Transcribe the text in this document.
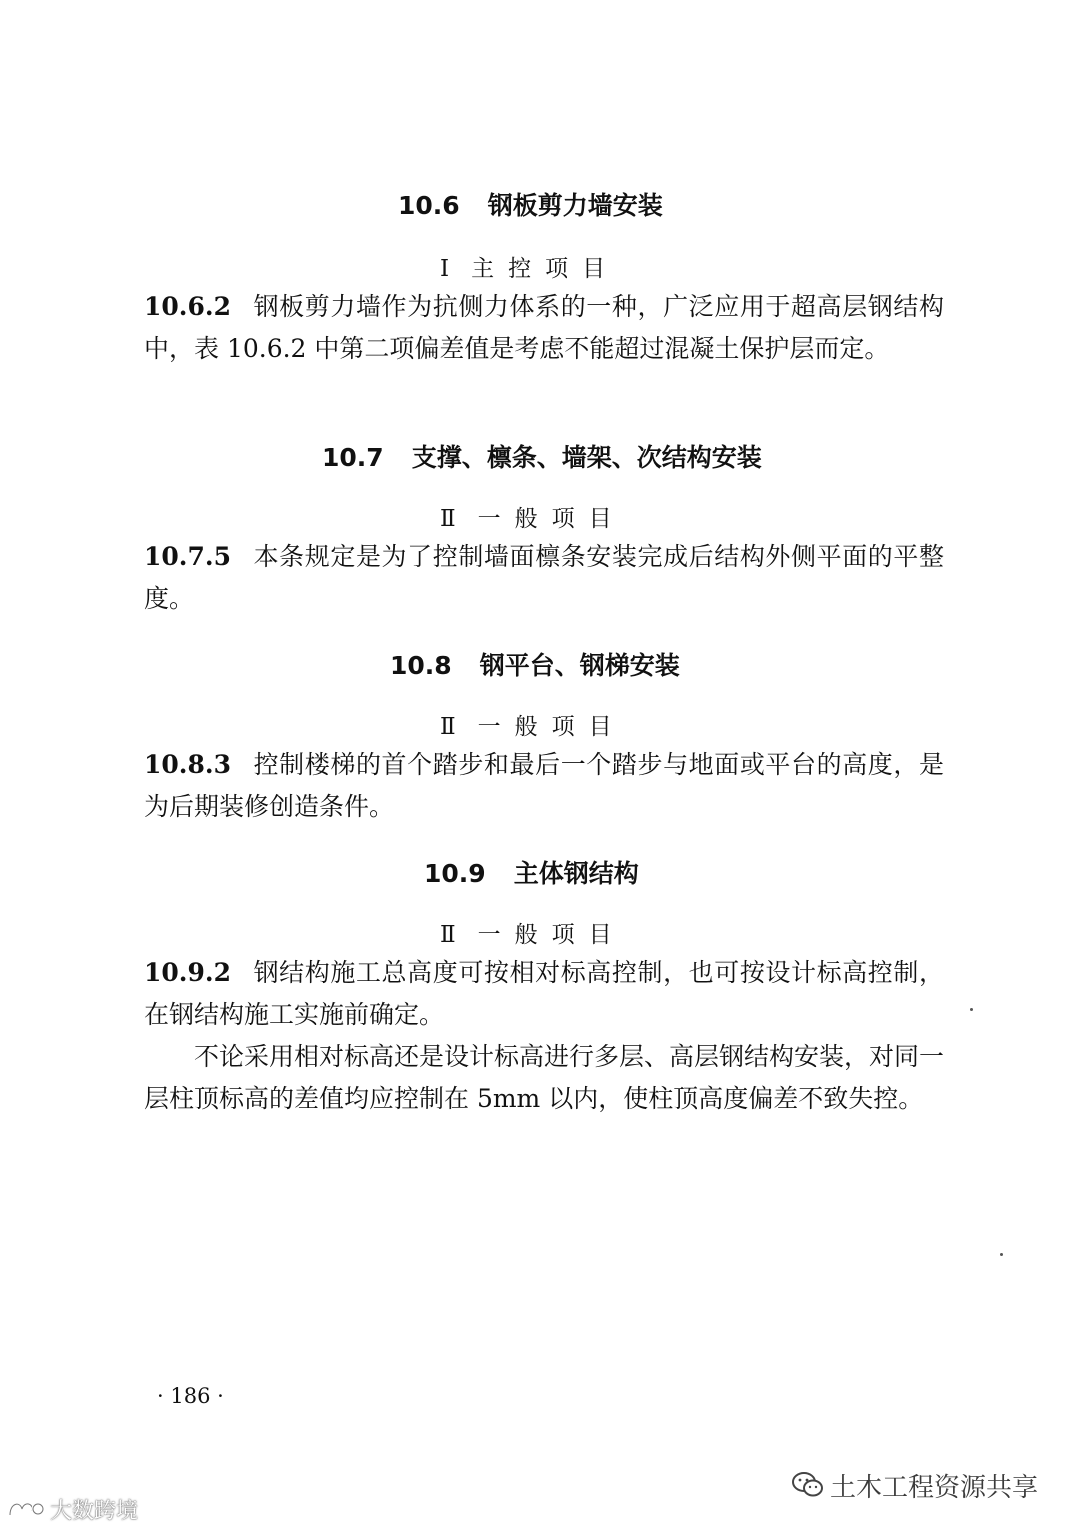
10.6 钢板剪力墙安装
Ⅰ 主控项目
10.6.2 钢板剪力墙作为抗侧力体系的一种，广泛应用于超高层钢结构中，表 10.6.2 中第二项偏差值是考虑不能超过混凝土保护层而定。
10.7 支撑、檩条、墙架、次结构安装
Ⅱ 一般项目
10.7.5 本条规定是为了控制墙面檩条安装完成后结构外侧平面的平整度。
10.8 钢平台、钢梯安装
Ⅱ 一般项目
10.8.3 控制楼梯的首个踏步和最后一个踏步与地面或平台的高度，是为后期装修创造条件。
10.9 主体钢结构
Ⅱ 一般项目
10.9.2 钢结构施工总高度可按相对标高控制，也可按设计标高控制，在钢结构施工实施前确定。
不论采用相对标高还是设计标高进行多层、高层钢结构安装，对同一层柱顶标高的差值均应控制在 5mm 以内，使柱顶高度偏差不致失控。
· 186 ·
土木工程资源共享
大数跨境
